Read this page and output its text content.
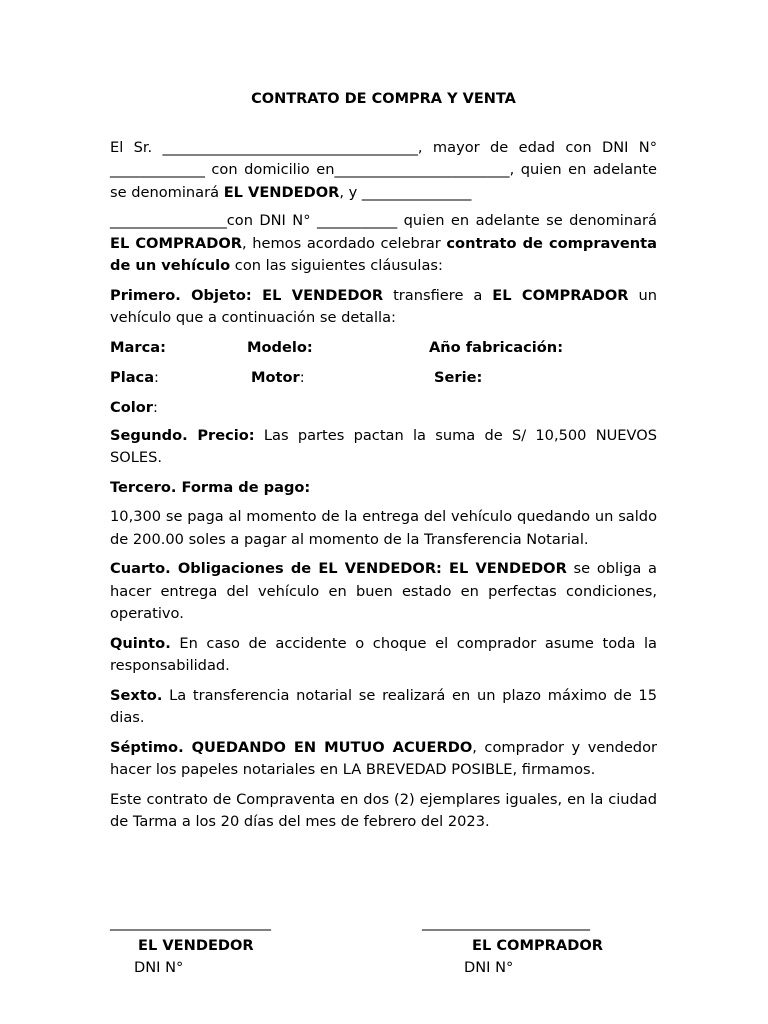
CONTRATO DE COMPRA Y VENTA

El Sr. ___________________________________, mayor de edad con DNI N° _____________ con domicilio en________________________, quien en adelante se denominará EL VENDEDOR, y _______________

________________con DNI N° ___________ quien en adelante se denominará EL COMPRADOR, hemos acordado celebrar contrato de compraventa de un vehículo con las siguientes cláusulas:

Primero. Objeto: EL VENDEDOR transfiere a EL COMPRADOR un vehículo que a continuación se detalla:

Marca:	Modelo:	Año fabricación:
Placa:	Motor:	Serie:
Color:

Segundo. Precio: Las partes pactan la suma de S/ 10,500 NUEVOS SOLES.

Tercero. Forma de pago:

10,300 se paga al momento de la entrega del vehículo quedando un saldo de 200.00 soles a pagar al momento de la Transferencia Notarial.

Cuarto. Obligaciones de EL VENDEDOR: EL VENDEDOR se obliga a hacer entrega del vehículo en buen estado en perfectas condiciones, operativo.

Quinto. En caso de accidente o choque el comprador asume toda la responsabilidad.

Sexto. La transferencia notarial se realizará en un plazo máximo de 15 dias.

Séptimo. QUEDANDO EN MUTUO ACUERDO, comprador y vendedor hacer los papeles notariales en LA BREVEDAD POSIBLE, firmamos.

Este contrato de Compraventa en dos (2) ejemplares iguales, en la ciudad de Tarma a los 20 días del mes de febrero del 2023.

_______________________
EL VENDEDOR
DNI N°
________________________
EL COMPRADOR
DNI N°
